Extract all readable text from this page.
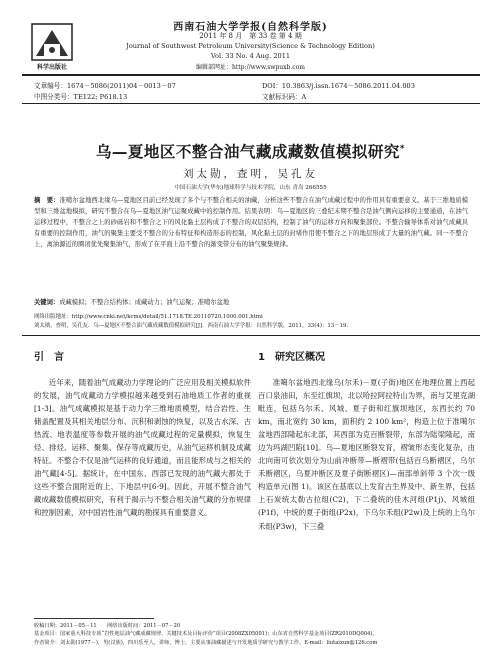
科学出版社
西南石油大学学报(自然科学版)
2011 年 8 月　第 33 卷 第 4 期
Journal of Southwest Petroleum University(Science & Technology Edition)
Vol. 33 No. 4 Aug. 2011
编辑部网址：http://www.swpuxb.com
文章编号：1674－5086(2011)04－0013－07	DOI：10.3863/j.issn.1674－5086.2011.04.003
中图分类号：TE122; P618.13	文献标识码：A
乌—夏地区不整合油气藏成藏数值模拟研究*
刘太勋，查明，吴孔友
中国石油大学(华东)地球科学与技术学院，山东 青岛 266555
摘　要：准噶尔盆地西北缘乌—夏地区目前已经发现了多个与不整合相关的油藏，分析这些不整合在油气成藏过程中的作用具有重要意义。基于三维地质模型和三维盆地模拟，研究不整合在乌—夏地区油气运聚成藏中的控制作用。结果表明：乌—夏地区的三叠纪末期不整合是油气侧向运移的主要通道，在油气运移过程中，不整合之上的砂砾岩和不整合之下的风化黏土层构成了不整合的双层结构，控制了油气的运移方向和聚集部位。不整合输导体系对油气成藏具有重要的控制作用，油气的聚集主要受不整合的分布特征和构造形态的控制，风化黏土层的封堵作用使不整合之下的地层形成了大量的油气藏。同一不整合上，离油源近的圈闭优先聚集油气，形成了在平面上沿不整合的渐变带分布的油气聚集规律。
关键词：成藏模拟；不整合结构体；成藏动力；油气运聚；准噶尔盆地
网络出版地址：http://www.cnki.net/kcms/detail/51.1718.TE.20110720.1000.001.html
刘太勋，查明，吴孔友．乌—夏地区不整合油气藏成藏数值模拟研究[J]．西南石油大学学报：自然科学版，2011，33(4)：13－19．
引　言

近年来，随着油气成藏动力学理论的广泛应用及相关模拟软件的发展，油气成藏动力学模拟越来越受到石油地质工作者的重视[1-3]。油气成藏模拟是基于动力学三维地质模型，结合岩性、生储盖配置及其相关地层分布、沉积和剥蚀的恢复，以及古水深、古热流、地表温度等参数开展的油气成藏过程的定量模拟，恢复生烃、排烃、运移、聚集、保存等成藏历史，从油气运移机制及成藏特征。不整合不仅是油气运移的良好通道，而且能形成与之相关的油气藏[4-5]。据统计，在中国东、西部已发现的油气藏大都处于这些不整合面附近的上、下地层中[6-9]。因此，开展不整合油气藏成藏数值模拟研究，有利于揭示与不整合相关油气藏的分布规律和控制因素，对中国岩性油气藏的勘探具有重要意义。

1　研究区概况

准噶尔盆地西北缘乌(尔禾)－夏(子街)地区在地理位置上西起百口泉油田，东至红旗坝，北以哈拉阿拉特山为界，南与艾里克湖毗连，包括乌尔禾、风城、夏子街和红旗坝地区，东西长约 70 km，南北宽约 30 km，面积约 2 100 km²，构造上位于准噶尔盆地西部隆起东北部，其西部为克百断裂带，东部为陆梁隆起，南边为玛湖凹陷[10]。乌—夏地区断裂发育，褶皱形态变化复杂，由北向南可依次划分为山前冲断带—断褶带(包括百乌断褶区，乌尔禾断褶区，乌夏冲断区及夏子街断褶区)—南部单斜带 3 个次一级构造单元(图 1)。该区在基底以上发育古生界及中、新生界，包括上石炭统太勒古拉组(C2)，下二叠统的佳木河组(P1j)、风城组(P1f)，中统的夏子街组(P2x)，下乌尔禾组(P2w)及上统的上乌尔禾组(P3w)，下三叠

收稿日期：2011－05－11　　网络出版时间：2011－07－20
基金项目：国家重大科技专项“岩性地层油气藏成藏规律、关键技术及目标评价”项目(2008ZX05001)；山东省自然科学基金项目(ZR2010DQ004)。
作者简介：刘太勋(1977－)，男(汉族)，四川乐至人，讲师，博士，主要从事油藏描述与开发地质学研究与教学工作。E-mail：liutaixun@126.com
